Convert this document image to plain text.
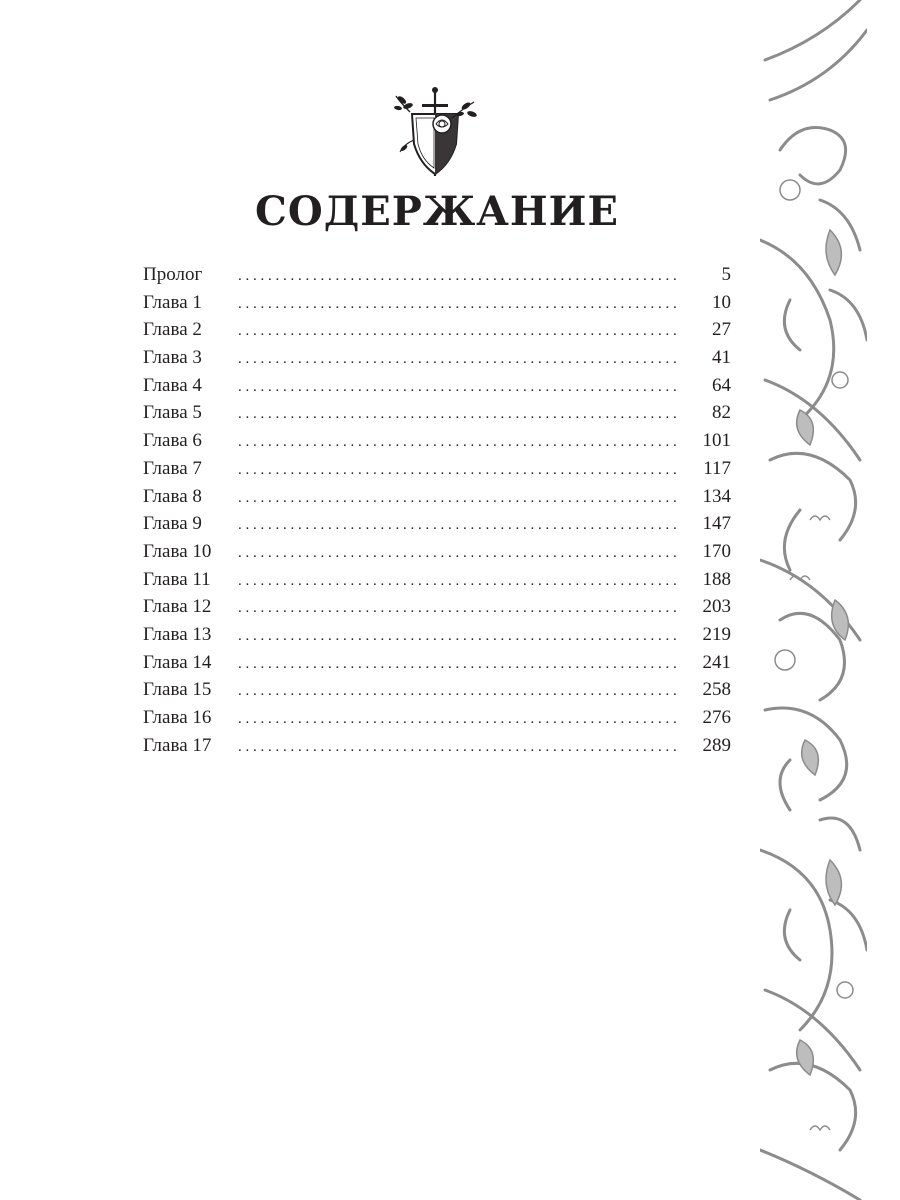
СОДЕРЖАНИЕ
Пролог . . .	5
Глава 1 . . .	10
Глава 2 . . .	27
Глава 3 . . .	41
Глава 4 . . .	64
Глава 5 . . .	82
Глава 6 . . .	101
Глава 7 . . .	117
Глава 8 . . .	134
Глава 9 . . .	147
Глава 10 . . .	170
Глава 11 . . .	188
Глава 12 . . .	203
Глава 13 . . .	219
Глава 14 . . .	241
Глава 15 . . .	258
Глава 16 . . .	276
Глава 17 . . .	289
